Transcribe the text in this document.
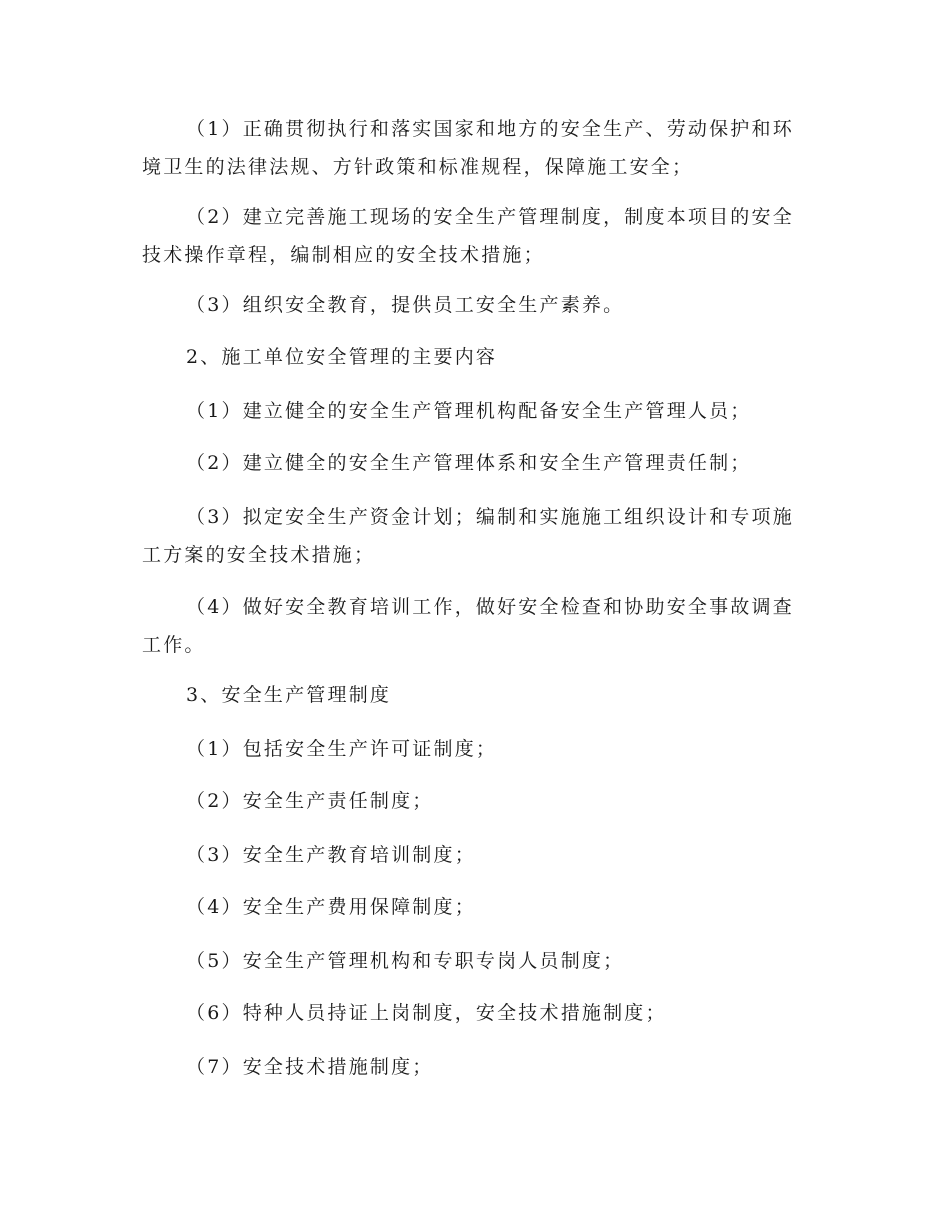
（1）正确贯彻执行和落实国家和地方的安全生产、劳动保护和环境卫生的法律法规、方针政策和标准规程，保障施工安全；

（2）建立完善施工现场的安全生产管理制度，制度本项目的安全技术操作章程，编制相应的安全技术措施；

（3）组织安全教育，提供员工安全生产素养。

2、施工单位安全管理的主要内容

（1）建立健全的安全生产管理机构配备安全生产管理人员；

（2）建立健全的安全生产管理体系和安全生产管理责任制；

（3）拟定安全生产资金计划；编制和实施施工组织设计和专项施工方案的安全技术措施；

（4）做好安全教育培训工作，做好安全检查和协助安全事故调查工作。

3、安全生产管理制度

（1）包括安全生产许可证制度；

（2）安全生产责任制度；

（3）安全生产教育培训制度；

（4）安全生产费用保障制度；

（5）安全生产管理机构和专职专岗人员制度；

（6）特种人员持证上岗制度，安全技术措施制度；

（7）安全技术措施制度；
